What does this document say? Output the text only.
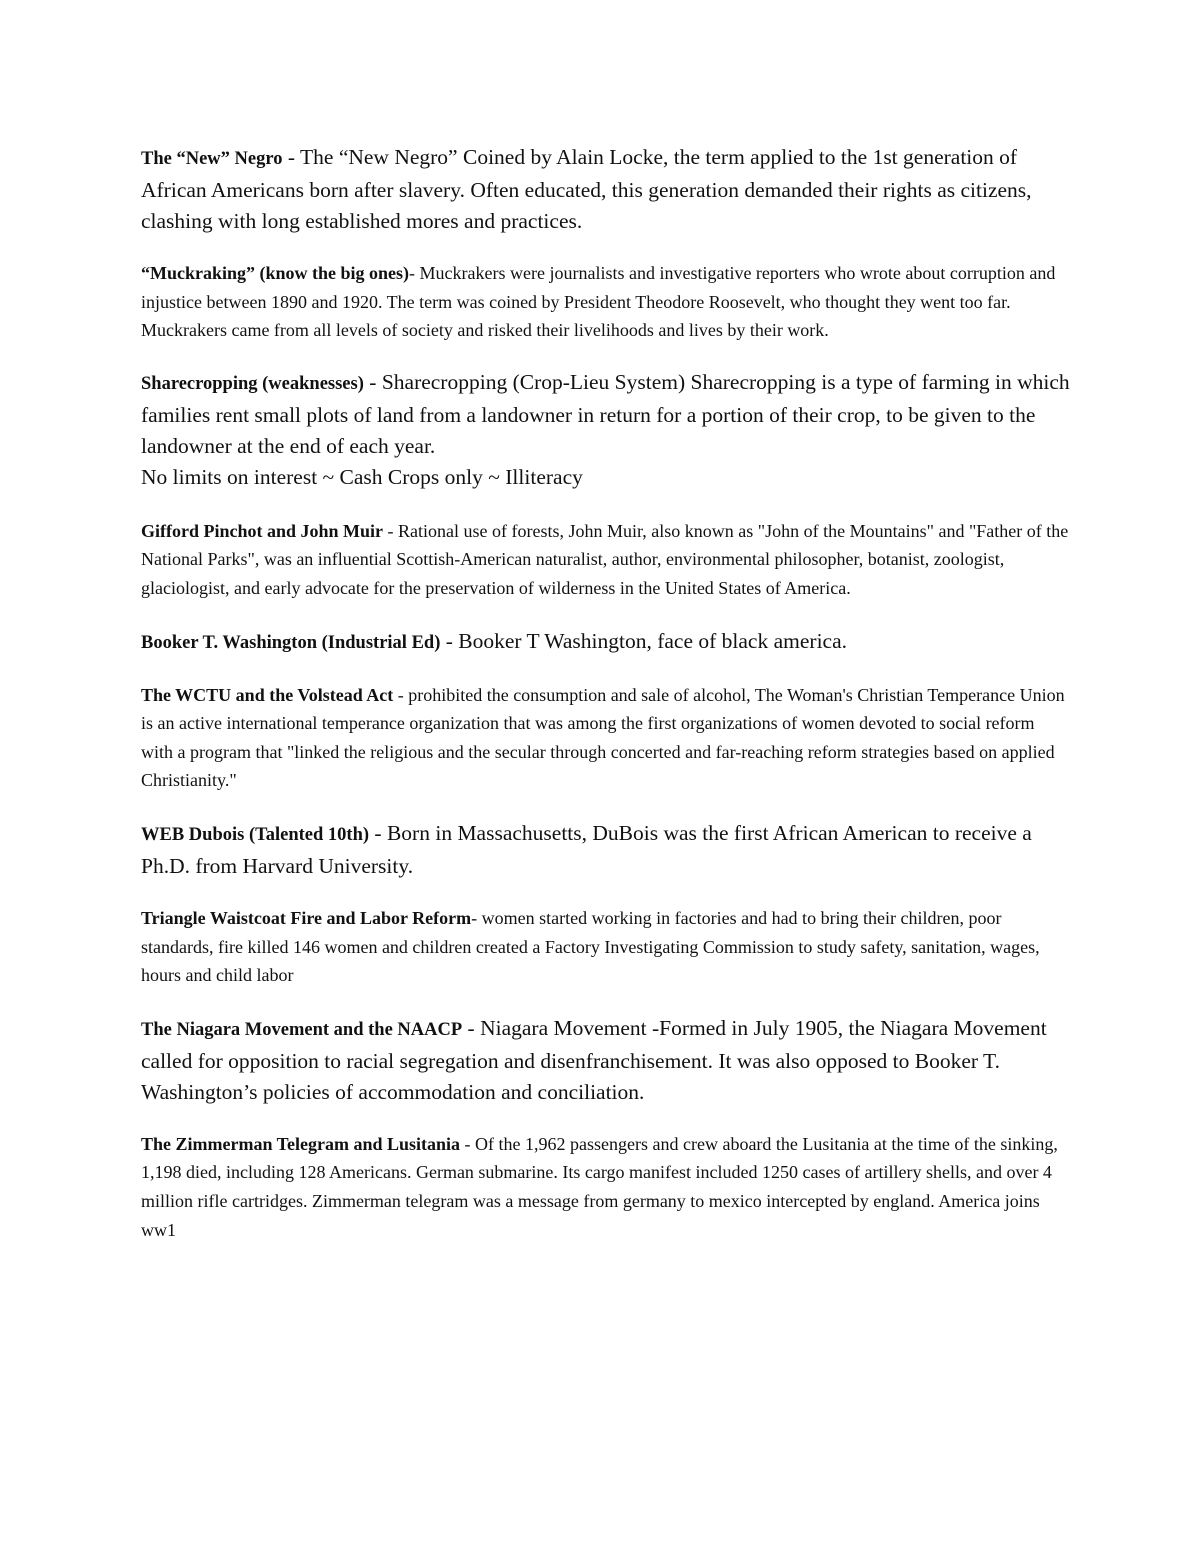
The “New” Negro - The “New Negro” Coined by Alain Locke, the term applied to the 1st generation of African Americans born after slavery. Often educated, this generation demanded their rights as citizens, clashing with long established mores and practices.

“Muckraking” (know the big ones)- Muckrakers were journalists and investigative reporters who wrote about corruption and injustice between 1890 and 1920. The term was coined by President Theodore Roosevelt, who thought they went too far. Muckrakers came from all levels of society and risked their livelihoods and lives by their work.

Sharecropping (weaknesses) - Sharecropping (Crop-Lieu System) Sharecropping is a type of farming in which families rent small plots of land from a landowner in return for a portion of their crop, to be given to the landowner at the end of each year.
No limits on interest ~ Cash Crops only ~ Illiteracy

Gifford Pinchot and John Muir - Rational use of forests, John Muir, also known as "John of the Mountains" and "Father of the National Parks", was an influential Scottish-American naturalist, author, environmental philosopher, botanist, zoologist, glaciologist, and early advocate for the preservation of wilderness in the United States of America.

Booker T. Washington (Industrial Ed) - Booker T Washington, face of black america.

The WCTU and the Volstead Act - prohibited the consumption and sale of alcohol, The Woman's Christian Temperance Union is an active international temperance organization that was among the first organizations of women devoted to social reform with a program that "linked the religious and the secular through concerted and far-reaching reform strategies based on applied Christianity."

WEB Dubois (Talented 10th) - Born in Massachusetts, DuBois was the first African American to receive a Ph.D. from Harvard University.

Triangle Waistcoat Fire and Labor Reform- women started working in factories and had to bring their children, poor standards, fire killed 146 women and children created a Factory Investigating Commission to study safety, sanitation, wages, hours and child labor

The Niagara Movement and the NAACP - Niagara Movement -Formed in July 1905, the Niagara Movement called for opposition to racial segregation and disenfranchisement. It was also opposed to Booker T. Washington’s policies of accommodation and conciliation.

The Zimmerman Telegram and Lusitania - Of the 1,962 passengers and crew aboard the Lusitania at the time of the sinking, 1,198 died, including 128 Americans. German submarine. Its cargo manifest included 1250 cases of artillery shells, and over 4 million rifle cartridges. Zimmerman telegram was a message from germany to mexico intercepted by england. America joins ww1
